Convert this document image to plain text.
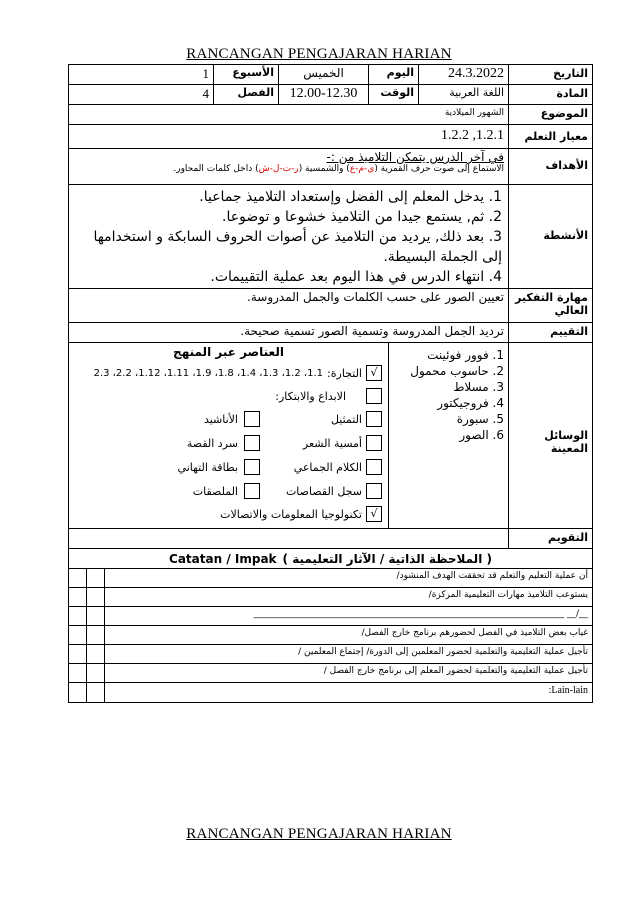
RANCANGAN PENGAJARAN HARIAN
التاريخ
24.3.2022
اليوم
الخميس
الأسبوع
1
المادة
اللغة العربية
الوقت
12.00-12.30
الفصل
4
الموضوع
الشهور الميلادية
معيار التعلم
1.2.1, 1.2.2
الأهداف
في آخر الدرس يتمكن التلاميذ من :-
الاستماع إلى صوت حرف القمرية (ي-م-ع) والشمسية (ر-ت-ل-ش) داخل كلمات المحاور.
الأنشطة
1. يدخل المعلم إلى الفضل وإستعداد التلاميذ جماعيا.
2. ثم, يستمع جيدا من التلاميذ خشوعا و توضوعا.
3. بعد ذلك, يرديد من التلاميذ عن أصوات الحروف السابكة و استخدامها إلى الجملة البسيطة.
4. انتهاء الدرس في هذا اليوم بعد عملية التقييمات.
مهارة التفكير
العالي
تعيين الصور على حسب الكلمات والجمل المدروسة.
التقييم
ترديد الجمل المدروسة وتسمية الصور تسمية صحيحة.
الوسائل المعينة
1. فوور فوئينت
2. حاسوب محمول
3. مسلاط
4. فروجيكتور
5. سبورة
6. الصور
العناصر عبر المنهج
√
التجارة:
1.1، 1.2، 1.3، 1.4، 1.8، 1.9، 1.11، 1.12، 2.2، 2.3
الابداع والابتكار:
التمثيل
الأناشيد
أمسية الشعر
سرد القصة
الكلام الجماعي
بطاقة التهاني
سجل القصاصات
الملصقات
√
تكنولوجيا المعلومات والاتصالات
التقويم
( الملاحظة الذاتية / الآثار التعليمية )
Catatan / Impak
أن عملية التعليم والتعلم قد تحققت الهدف المنشود/
يستوعب التلاميذ مهارات التعليمية المركزة/
__/__ _____________________________________________________________________
غياب بعض التلاميذ في الفصل لحضورهم برنامج خارج الفصل/
تأجيل عملية التعليمية والتعلمية لحضور المعلمين إلى الدورة/ إجتماع المعلمين /
تأجيل عملية التعليمية والتعلمية لحضور المعلم إلى برنامج خارج الفصل /
Lain-lain:
RANCANGAN PENGAJARAN HARIAN
